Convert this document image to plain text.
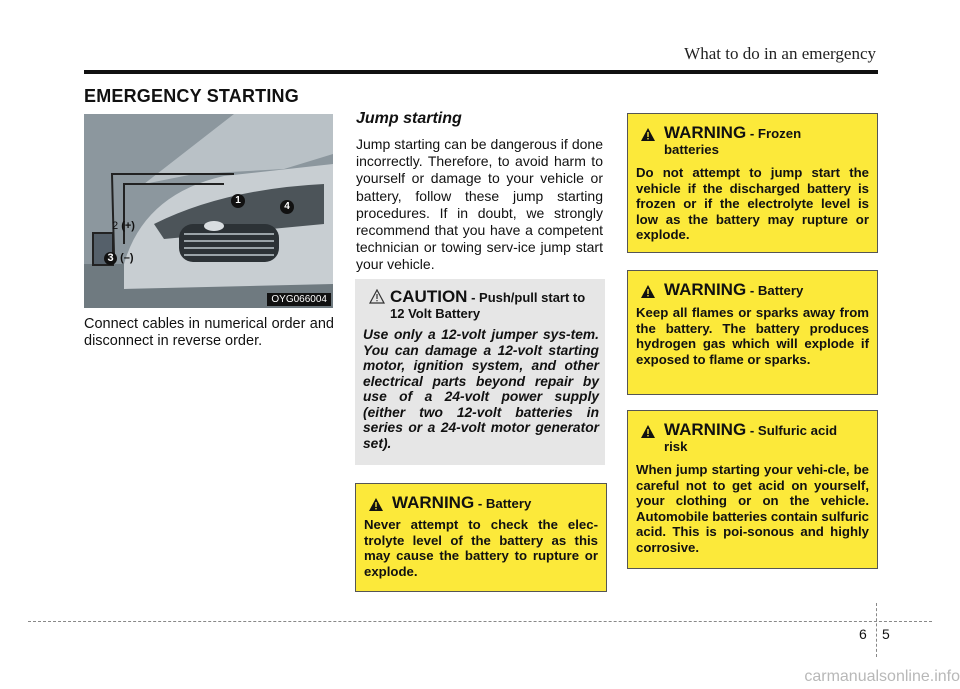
What to do in an emergency
EMERGENCY STARTING
1
4
2 (+)
3 (–)
OYG066004
Connect cables in numerical order and disconnect in reverse order.
Jump starting
Jump starting can be dangerous if done incorrectly. Therefore, to avoid harm to yourself or damage to your vehicle or battery, follow these jump starting procedures. If in doubt, we strongly recommend that you have a competent technician or towing serv-ice jump start your vehicle.
CAUTION - Push/pull start to 12 Volt Battery
Use only a 12-volt jumper sys-tem. You can damage a 12-volt starting motor, ignition system, and other electrical parts beyond repair by use of a 24-volt power supply (either two 12-volt batteries in series or a 24-volt motor generator set).
WARNING - Battery
Never attempt to check the elec-trolyte level of the battery as this may cause the battery to rupture or explode.
WARNING - Frozen batteries
Do not attempt to jump start the vehicle if the discharged battery is frozen or if the electrolyte level is low as the battery may rupture or explode.
WARNING - Battery
Keep all flames or sparks away from the battery. The battery produces hydrogen gas which will explode if exposed to flame or sparks.
WARNING - Sulfuric acid risk
When jump starting your vehi-cle, be careful not to get acid on yourself, your clothing or on the vehicle. Automobile batteries contain sulfuric acid. This is poi-sonous and highly corrosive.
6 5
carmanualsonline.info
